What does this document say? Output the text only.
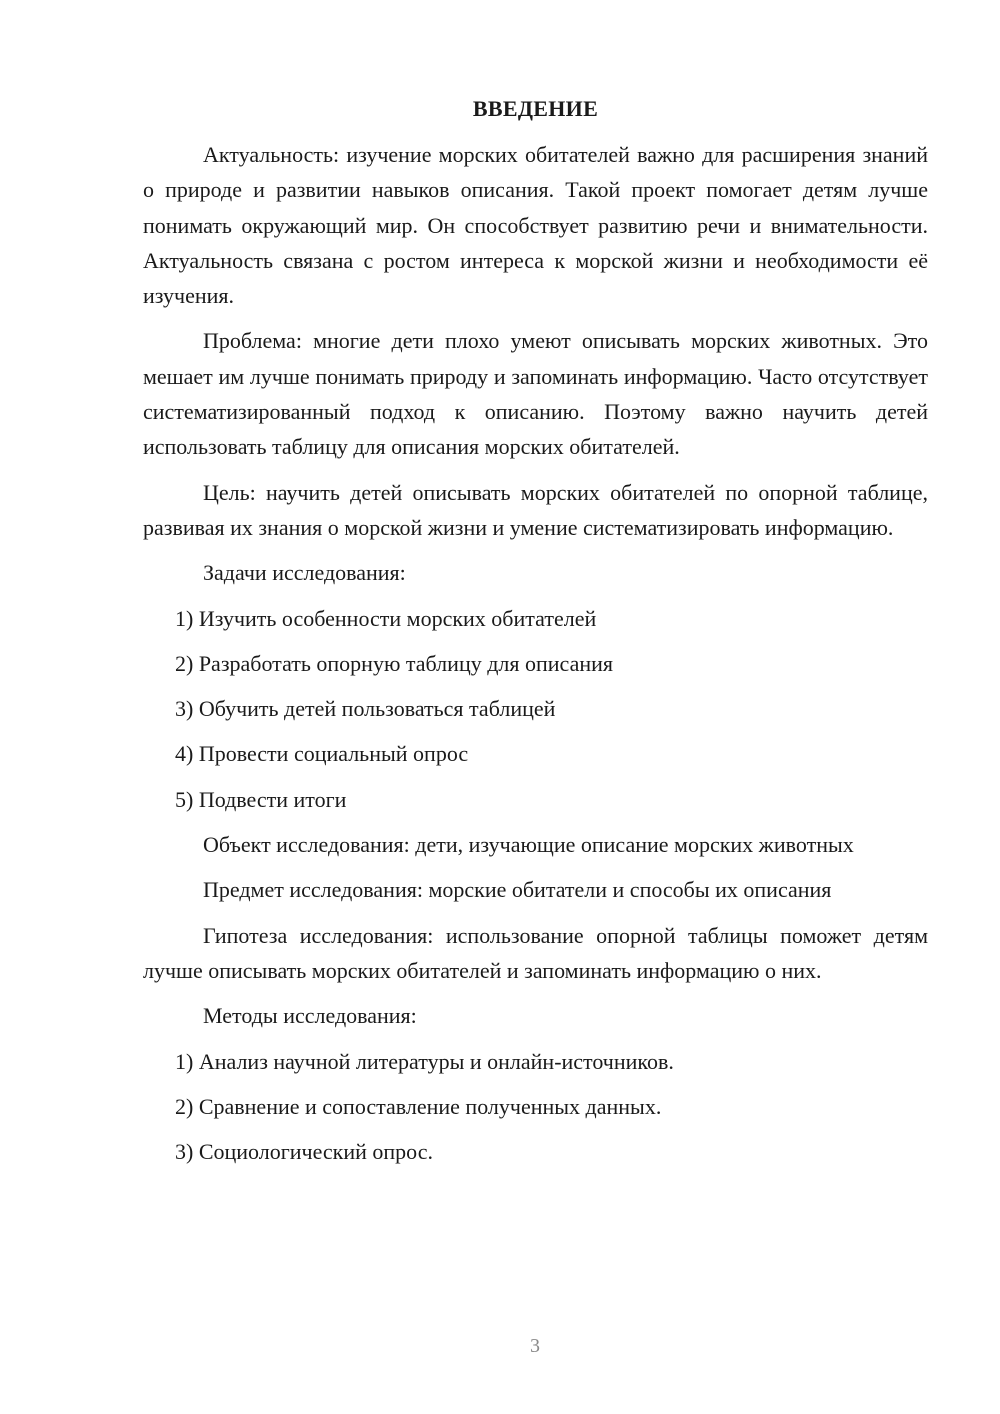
ВВЕДЕНИЕ

Актуальность: изучение морских обитателей важно для расширения знаний о природе и развитии навыков описания. Такой проект помогает детям лучше понимать окружающий мир. Он способствует развитию речи и внимательности. Актуальность связана с ростом интереса к морской жизни и необходимости её изучения.

Проблема: многие дети плохо умеют описывать морских животных. Это мешает им лучше понимать природу и запоминать информацию. Часто отсутствует систематизированный подход к описанию. Поэтому важно научить детей использовать таблицу для описания морских обитателей.

Цель: научить детей описывать морских обитателей по опорной таблице, развивая их знания о морской жизни и умение систематизировать информацию.

Задачи исследования:

1) Изучить особенности морских обитателей

2) Разработать опорную таблицу для описания

3) Обучить детей пользоваться таблицей

4) Провести социальный опрос

5) Подвести итоги

Объект исследования: дети, изучающие описание морских животных

Предмет исследования: морские обитатели и способы их описания

Гипотеза исследования: использование опорной таблицы поможет детям лучше описывать морских обитателей и запоминать информацию о них.

Методы исследования:

1) Анализ научной литературы и онлайн-источников.

2) Сравнение и сопоставление полученных данных.

3) Социологический опрос.

3
